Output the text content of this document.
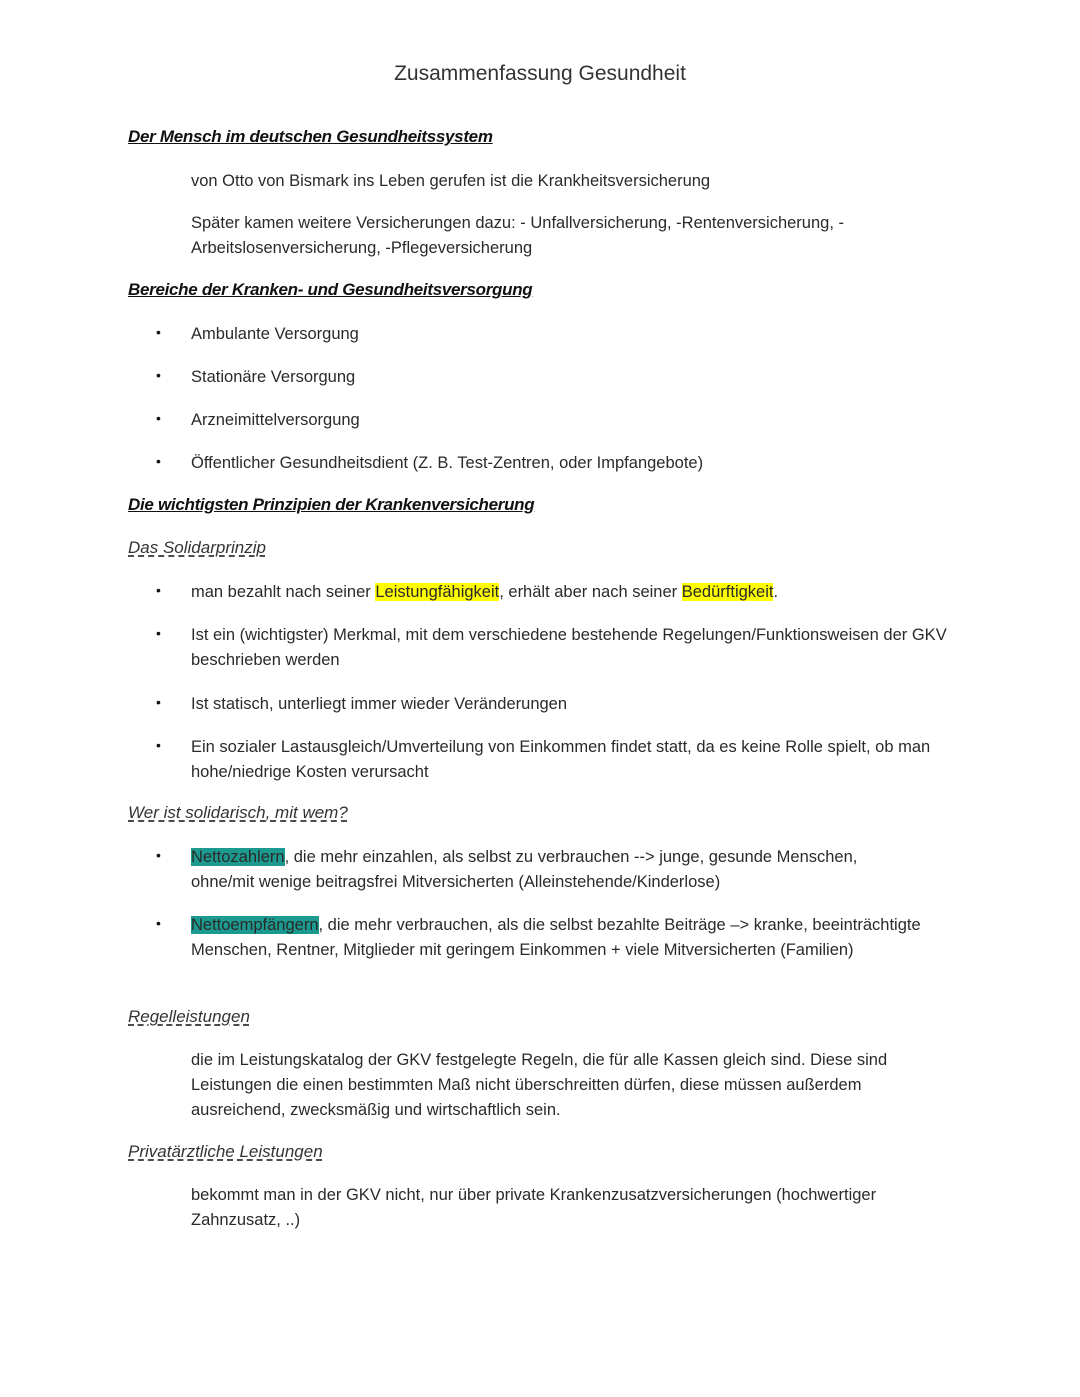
Zusammenfassung Gesundheit
Der Mensch im deutschen Gesundheitssystem
von Otto von Bismark ins Leben gerufen ist die Krankheitsversicherung
Später kamen weitere Versicherungen dazu: - Unfallversicherung, -Rentenversicherung, - Arbeitslosenversicherung, -Pflegeversicherung
Bereiche der Kranken- und Gesundheitsversorgung
•	Ambulante Versorgung
•	Stationäre Versorgung
•	Arzneimittelversorgung
•	Öffentlicher Gesundheitsdient (Z. B. Test-Zentren, oder Impfangebote)
Die wichtigsten Prinzipien der Krankenversicherung
Das Solidarprinzip
•	man bezahlt nach seiner Leistungfähigkeit, erhält aber nach seiner Bedürftigkeit.
•	Ist ein (wichtigster) Merkmal, mit dem verschiedene bestehende Regelungen/Funktionsweisen der GKV beschrieben werden
•	Ist statisch, unterliegt immer wieder Veränderungen
•	Ein sozialer Lastausgleich/Umverteilung von Einkommen findet statt, da es keine Rolle spielt, ob man hohe/niedrige Kosten verursacht
Wer ist solidarisch, mit wem?
•	Nettozahlern, die mehr einzahlen, als selbst zu verbrauchen --> junge, gesunde Menschen, ohne/mit wenige beitragsfrei Mitversicherten (Alleinstehende/Kinderlose)
•	Nettoempfängern, die mehr verbrauchen, als die selbst bezahlte Beiträge –> kranke, beeinträchtigte Menschen, Rentner, Mitglieder mit geringem Einkommen + viele Mitversicherten (Familien)
Regelleistungen
die im Leistungskatalog der GKV festgelegte Regeln, die für alle Kassen gleich sind. Diese sind Leistungen die einen bestimmten Maß nicht überschreitten dürfen, diese müssen außerdem ausreichend, zwecksmäßig und wirtschaftlich sein.
Privatärztliche Leistungen
bekommt man in der GKV nicht, nur über private Krankenzusatzversicherungen (hochwertiger Zahnzusatz, ..)
